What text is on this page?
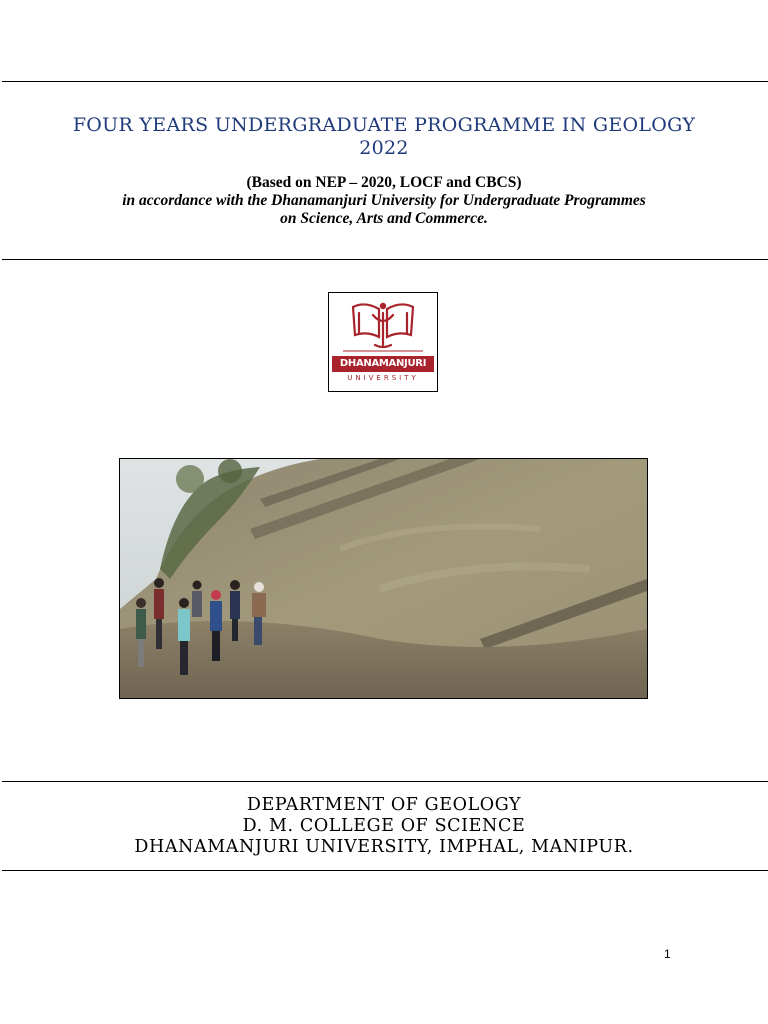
FOUR YEARS UNDERGRADUATE PROGRAMME IN GEOLOGY
2022
(Based on NEP – 2020, LOCF and CBCS)
in accordance with the Dhanamanjuri University for Undergraduate Programmes
on Science, Arts and Commerce.
DHANAMANJURI
UNIVERSITY
DEPARTMENT OF GEOLOGY
D. M. COLLEGE OF SCIENCE
DHANAMANJURI UNIVERSITY, IMPHAL, MANIPUR.
1
